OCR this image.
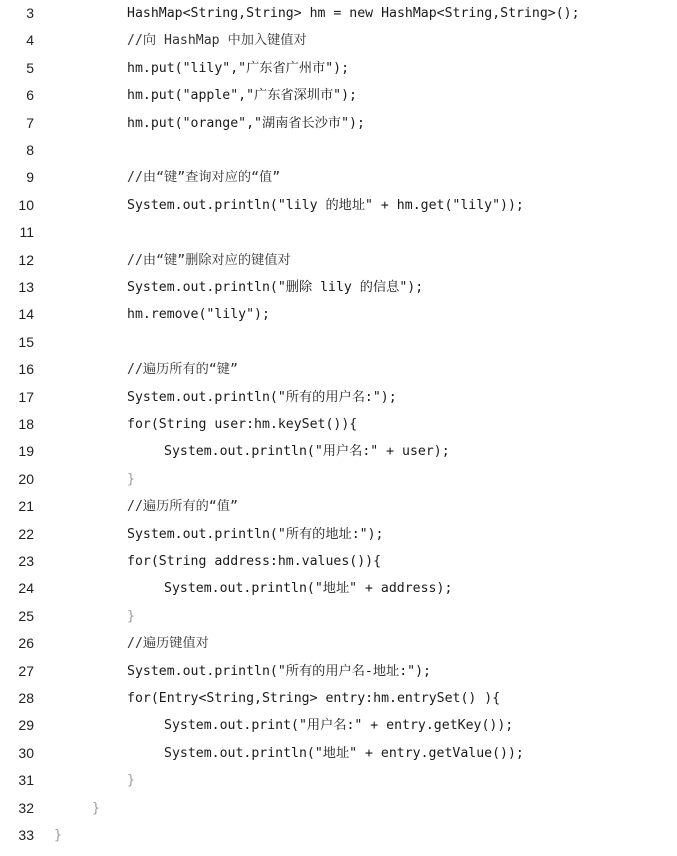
3	HashMap<String,String> hm = new HashMap<String,String>();
4	//向 HashMap 中加入键值对
5	hm.put("lily","广东省广州市");
6	hm.put("apple","广东省深圳市");
7	hm.put("orange","湖南省长沙市");
8
9	//由“键”查询对应的“值”
10	System.out.println("lily 的地址" + hm.get("lily"));
11
12	//由“键”删除对应的键值对
13	System.out.println("删除 lily 的信息");
14	hm.remove("lily");
15
16	//遍历所有的“键”
17	System.out.println("所有的用户名:");
18	for(String user:hm.keySet()){
19	System.out.println("用户名:" + user);
20	}
21	//遍历所有的“值”
22	System.out.println("所有的地址:");
23	for(String address:hm.values()){
24	System.out.println("地址" + address);
25	}
26	//遍历键值对
27	System.out.println("所有的用户名-地址:");
28	for(Entry<String,String> entry:hm.entrySet() ){
29	System.out.print("用户名:" + entry.getKey());
30	System.out.println("地址" + entry.getValue());
31	}
32	}
33 }
